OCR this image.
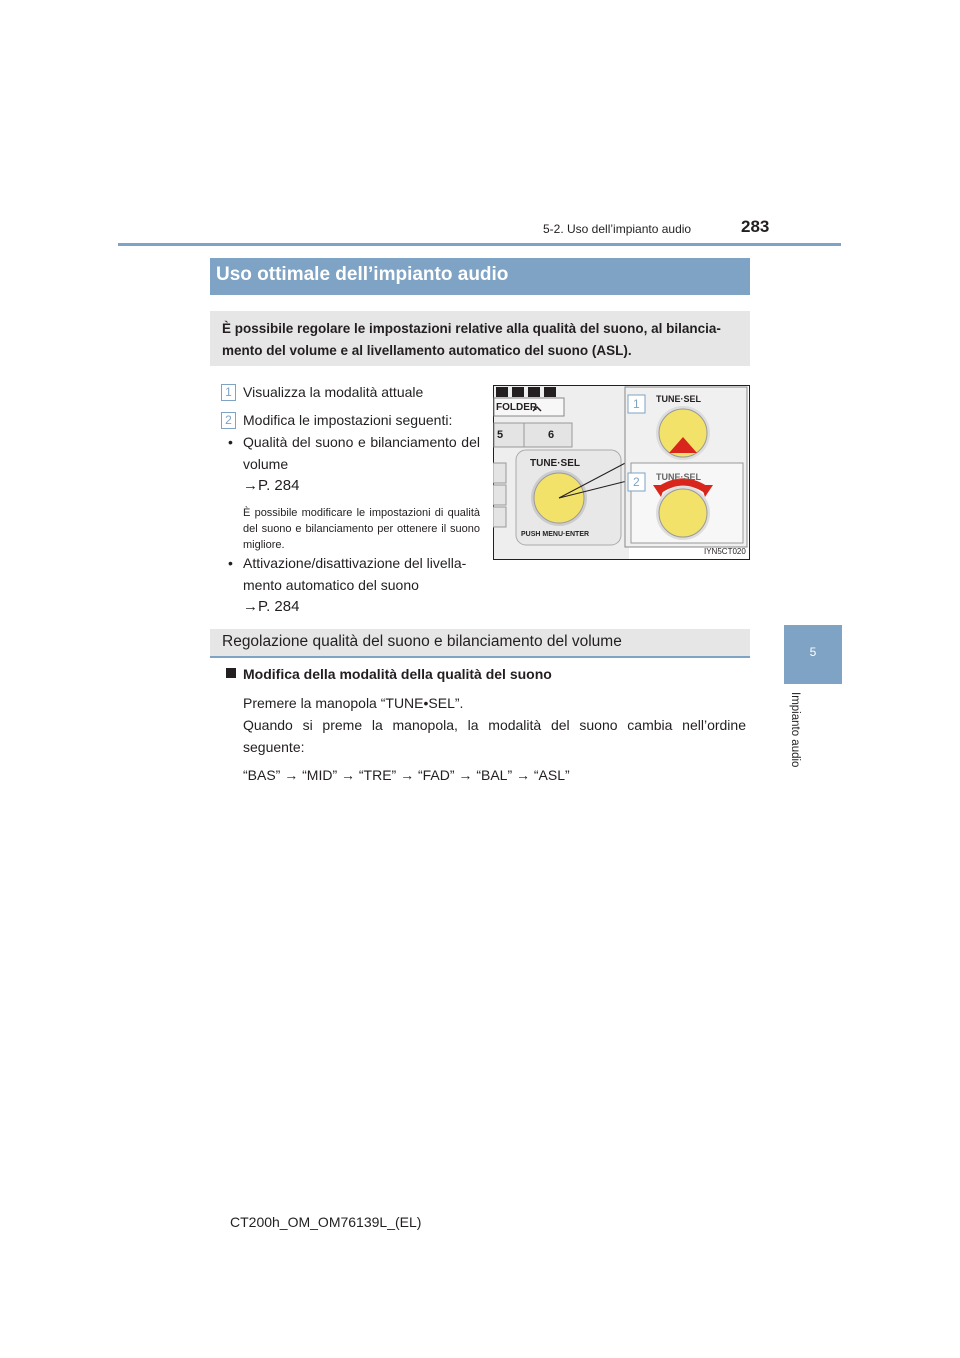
5-2. Uso dell’impianto audio	283
5
Impianto audio
Uso ottimale dell’impianto audio

È possibile regolare le impostazioni relative alla qualità del suono, al bilancia- mento del volume e al livellamento automatico del suono (ASL).

1 Visualizza la modalità attuale
2 Modifica le impostazioni seguenti:
• Qualità del suono e bilanciamento del volume
→P. 284
È possibile modificare le impostazioni di qualità del suono e bilanciamento per ottenere il suono migliore.
• Attivazione/disattivazione del livella- mento automatico del suono
→P. 284
FOLDER
5	6
TUNE·SEL
PUSH MENU·ENTER
1
2
TUNE·SEL
TUNE·SEL
IYN5CT020
Regolazione qualità del suono e bilanciamento del volume
Modifica della modalità della qualità del suono
Premere la manopola “TUNE•SEL”.
Quando si preme la manopola, la modalità del suono cambia nell’ordine seguente:
“BAS” → “MID” → “TRE” → “FAD” → “BAL” → “ASL”
CT200h_OM_OM76139L_(EL)
